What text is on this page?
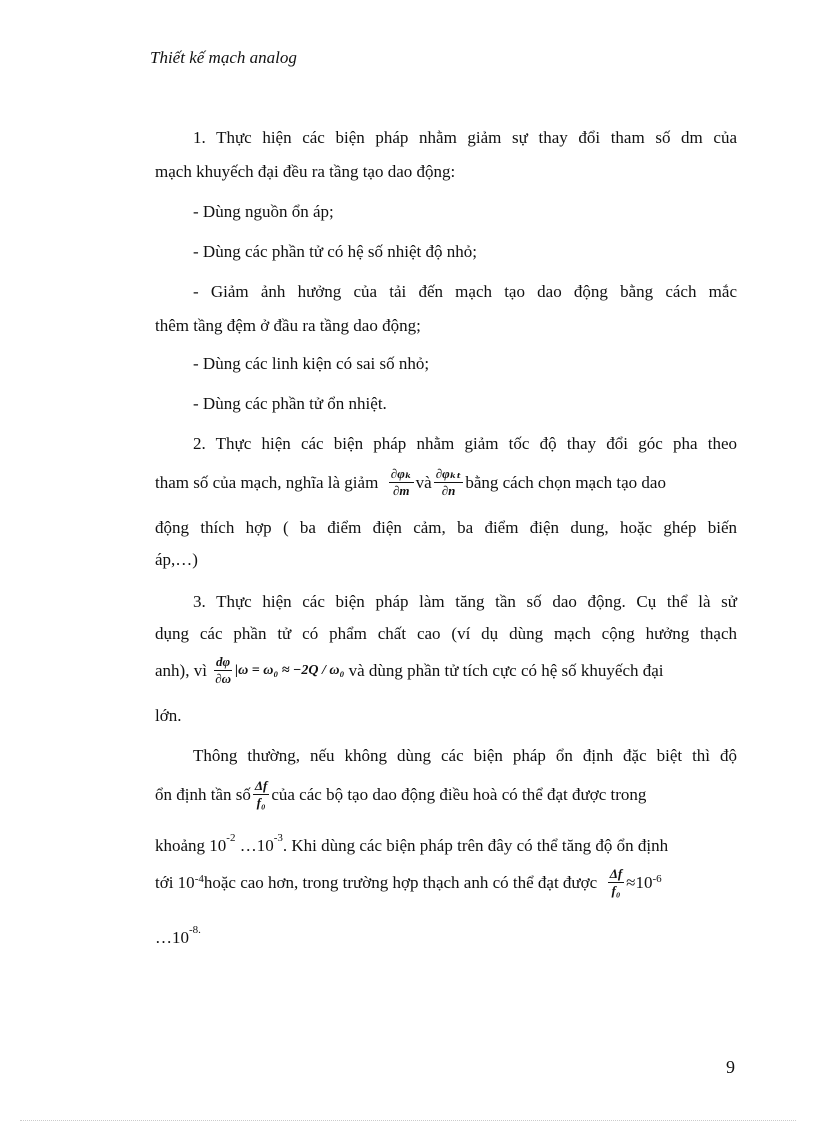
Thiết kế mạch analog
1. Thực hiện các biện pháp nhằm giảm sự thay đổi tham số dm của
mạch khuyếch đại đều ra tầng tạo dao động:
- Dùng nguồn ổn áp;
- Dùng các phần tử có hệ số nhiệt độ nhỏ;
- Giảm ảnh hưởng của tải đến mạch tạo dao động bằng cách mắc
thêm tầng đệm ở đầu ra tầng dao động;
- Dùng các linh kiện có sai số nhỏ;
- Dùng các phần tử ổn nhiệt.
2. Thực hiện các biện pháp nhằm giảm tốc độ thay đổi góc pha theo
tham số của mạch, nghĩa là giảm
$\frac{\text{∂φₖ}}{\partial m}$ và $\frac{\text{∂φₖₜ}}{\partial n}$ bằng cách chọn mạch tạo dao
động thích hợp ( ba điểm điện cảm, ba điểm điện dung, hoặc ghép biến
áp,…)
3. Thực hiện các biện pháp làm tăng tần số dao động. Cụ thể là sử
dụng các phần tử có phẩm chất cao (ví dụ dùng mạch cộng hưởng thạch
anh), vì
$\frac{d\varphi}{\partial\omega} |\omega = \omega_0 \approx -2Q / \omega_0$
và dùng phần tử tích cực có hệ số khuyếch đại
lớn.
Thông thường, nếu không dùng các biện pháp ổn định đặc biệt thì độ
ổn định tần số $\frac{\Delta f}{\text{f₀}}$ của các bộ tạo dao động điều hoà có thể đạt được trong
khoảng $10^{-2}$ $\dots 10^{-3}$. Khi dùng các biện pháp trên đây có thể tăng độ ổn định
tới $10^{-4}$ hoặc cao hơn, trong trường hợp thạch anh có thể đạt được
$\frac{\Delta f}{\text{f₀}} \approx 10^{-6}$
$\dots 10^{-8.}$
9
